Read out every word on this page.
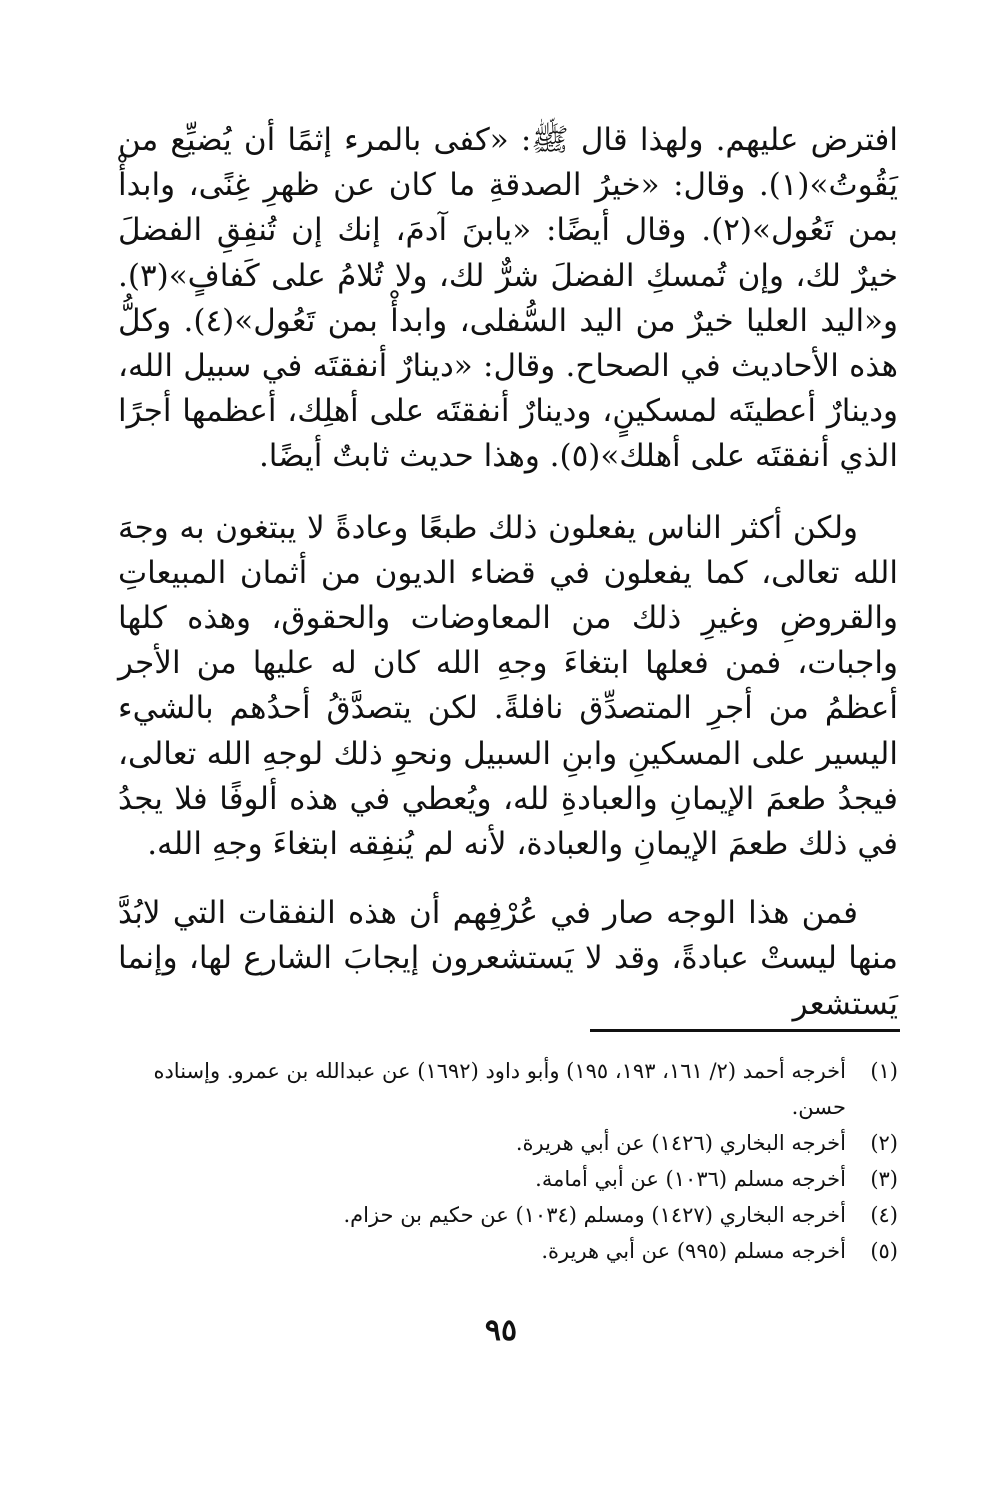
افترض عليهم. ولهذا قال ﷺ: «كفى بالمرء إثمًا أن يُضيِّع من يَقُوتُ»(١). وقال: «خيرُ الصدقةِ ما كان عن ظهرِ غِنًى، وابدأْ بمن تَعُول»(٢). وقال أيضًا: «يابنَ آدمَ، إنك إن تُنفِقِ الفضلَ خيرٌ لك، وإن تُمسكِ الفضلَ شرٌّ لك، ولا تُلامُ على كَفافٍ»(٣). و«اليد العليا خيرٌ من اليد السُّفلى، وابدأْ بمن تَعُول»(٤). وكلُّ هذه الأحاديث في الصحاح. وقال: «دينارٌ أنفقتَه في سبيل الله، ودينارٌ أعطيتَه لمسكينٍ، ودينارٌ أنفقتَه على أهلِك، أعظمها أجرًا الذي أنفقتَه على أهلك»(٥). وهذا حديث ثابتٌ أيضًا.

ولكن أكثر الناس يفعلون ذلك طبعًا وعادةً لا يبتغون به وجهَ الله تعالى، كما يفعلون في قضاء الديون من أثمان المبيعاتِ والقروضِ وغيرِ ذلك من المعاوضات والحقوق، وهذه كلها واجبات، فمن فعلها ابتغاءَ وجهِ الله كان له عليها من الأجر أعظمُ من أجرِ المتصدِّق نافلةً. لكن يتصدَّقُ أحدُهم بالشيء اليسير على المسكينِ وابنِ السبيل ونحوِ ذلك لوجهِ الله تعالى، فيجدُ طعمَ الإيمانِ والعبادةِ لله، ويُعطي في هذه ألوفًا فلا يجدُ في ذلك طعمَ الإيمانِ والعبادة، لأنه لم يُنفِقه ابتغاءَ وجهِ الله.

فمن هذا الوجه صار في عُرْفِهم أن هذه النفقات التي لابُدَّ منها ليستْ عبادةً، وقد لا يَستشعرون إيجابَ الشارع لها، وإنما يَستشعر

(١)
أخرجه أحمد (٢/ ١٦١، ١٩٣، ١٩٥) وأبو داود (١٦٩٢) عن عبدالله بن عمرو. وإسناده حسن.
(٢)
أخرجه البخاري (١٤٢٦) عن أبي هريرة.
(٣)
أخرجه مسلم (١٠٣٦) عن أبي أمامة.
(٤)
أخرجه البخاري (١٤٢٧) ومسلم (١٠٣٤) عن حكيم بن حزام.
(٥)
أخرجه مسلم (٩٩٥) عن أبي هريرة.
٩٥
